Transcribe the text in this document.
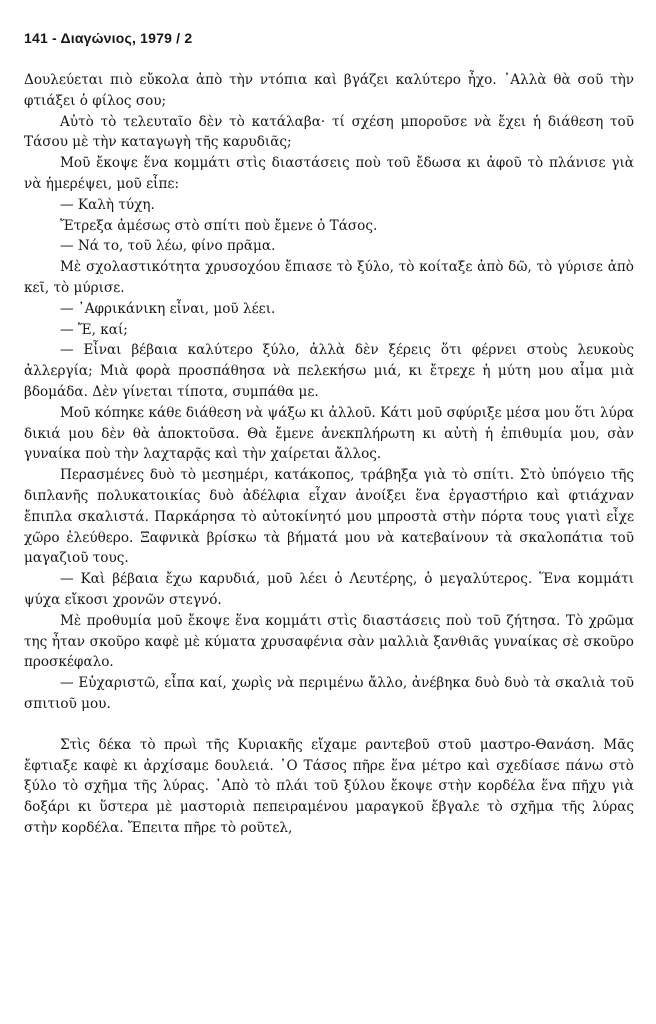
141 - Διαγώνιος, 1979 / 2

Δουλεύεται πιὸ εὔκολα ἀπὸ τὴν ντόπια καὶ βγάζει καλύτερο ἦχο. ᾿Αλλὰ θὰ σοῦ τὴν φτιάξει ὁ φίλος σου;

Αὐτὸ τὸ τελευταῖο δὲν τὸ κατάλαβα· τί σχέση μποροῦσε νὰ ἔχει ἡ διάθεση τοῦ Τάσου μὲ τὴν καταγωγὴ τῆς καρυδιᾶς;

Μοῦ ἔκοψε ἕνα κομμάτι στὶς διαστάσεις ποὺ τοῦ ἔδωσα κι ἀφοῦ τὸ πλάνισε γιὰ νὰ ἡμερέψει, μοῦ εἶπε:

— Καλὴ τύχη.

Ἔτρεξα ἀμέσως στὸ σπίτι ποὺ ἔμενε ὁ Τάσος.

— Νά το, τοῦ λέω, φίνο πρᾶμα.

Μὲ σχολαστικότητα χρυσοχόου ἔπιασε τὸ ξύλο, τὸ κοίταξε ἀπὸ δῶ, τὸ γύρισε ἀπὸ κεῖ, τὸ μύρισε.

— ᾿Αφρικάνικη εἶναι, μοῦ λέει.

— Ἔ, καί;

— Εἶναι βέβαια καλύτερο ξύλο, ἀλλὰ δὲν ξέρεις ὅτι φέρνει στοὺς λευκοὺς ἀλλεργία; Μιὰ φορὰ προσπάθησα νὰ πελεκήσω μιά, κι ἔτρεχε ἡ μύτη μου αἷμα μιὰ βδομάδα. Δὲν γίνεται τίποτα, συμπάθα με.

Μοῦ κόπηκε κάθε διάθεση νὰ ψάξω κι ἀλλοῦ. Κάτι μοῦ σφύριξε μέσα μου ὅτι λύρα δικιά μου δὲν θὰ ἀποκτοῦσα. Θὰ ἔμενε ἀνεκπλήρωτη κι αὐτὴ ἡ ἐπιθυμία μου, σὰν γυναίκα ποὺ τὴν λαχταρᾷς καὶ τὴν χαίρεται ἄλλος.

Περασμένες δυὸ τὸ μεσημέρι, κατάκοπος, τράβηξα γιὰ τὸ σπίτι. Στὸ ὑπόγειο τῆς διπλανῆς πολυκατοικίας δυὸ ἀδέλφια εἶχαν ἀνοίξει ἕνα ἐργαστήριο καὶ φτιάχναν ἔπιπλα σκαλιστά. Παρκάρησα τὸ αὐτοκίνητό μου μπροστὰ στὴν πόρτα τους γιατὶ εἶχε χῶρο ἐλεύθερο. Ξαφνικὰ βρίσκω τὰ βήματά μου νὰ κατεβαίνουν τὰ σκαλοπάτια τοῦ μαγαζιοῦ τους.

— Καὶ βέβαια ἔχω καρυδιά, μοῦ λέει ὁ Λευτέρης, ὁ μεγαλύτερος. Ἕνα κομμάτι ψύχα εἴκοσι χρονῶν στεγνό.

Μὲ προθυμία μοῦ ἔκοψε ἕνα κομμάτι στὶς διαστάσεις ποὺ τοῦ ζήτησα. Τὸ χρῶμα της ἦταν σκοῦρο καφὲ μὲ κύματα χρυσαφένια σὰν μαλλιὰ ξανθιᾶς γυναίκας σὲ σκοῦρο προσκέφαλο.

— Εὐχαριστῶ, εἶπα καί, χωρὶς νὰ περιμένω ἄλλο, ἀνέβηκα δυὸ δυὸ τὰ σκαλιὰ τοῦ σπιτιοῦ μου.

Στὶς δέκα τὸ πρωὶ τῆς Κυριακῆς εἴχαμε ραντεβοῦ στοῦ μαστρο-Θανάση. Μᾶς ἔφτιαξε καφὲ κι ἀρχίσαμε δουλειά. ῾Ο Τάσος πῆρε ἕνα μέτρο καὶ σχεδίασε πάνω στὸ ξύλο τὸ σχῆμα τῆς λύρας. ᾿Απὸ τὸ πλάι τοῦ ξύλου ἔκοψε στὴν κορδέλα ἕνα πῆχυ γιὰ δοξάρι κι ὕστερα μὲ μαστοριὰ πεπειραμένου μαραγκοῦ ἔβγαλε τὸ σχῆμα τῆς λύρας στὴν κορδέλα. Ἔπειτα πῆρε τὸ ροῦτελ,
